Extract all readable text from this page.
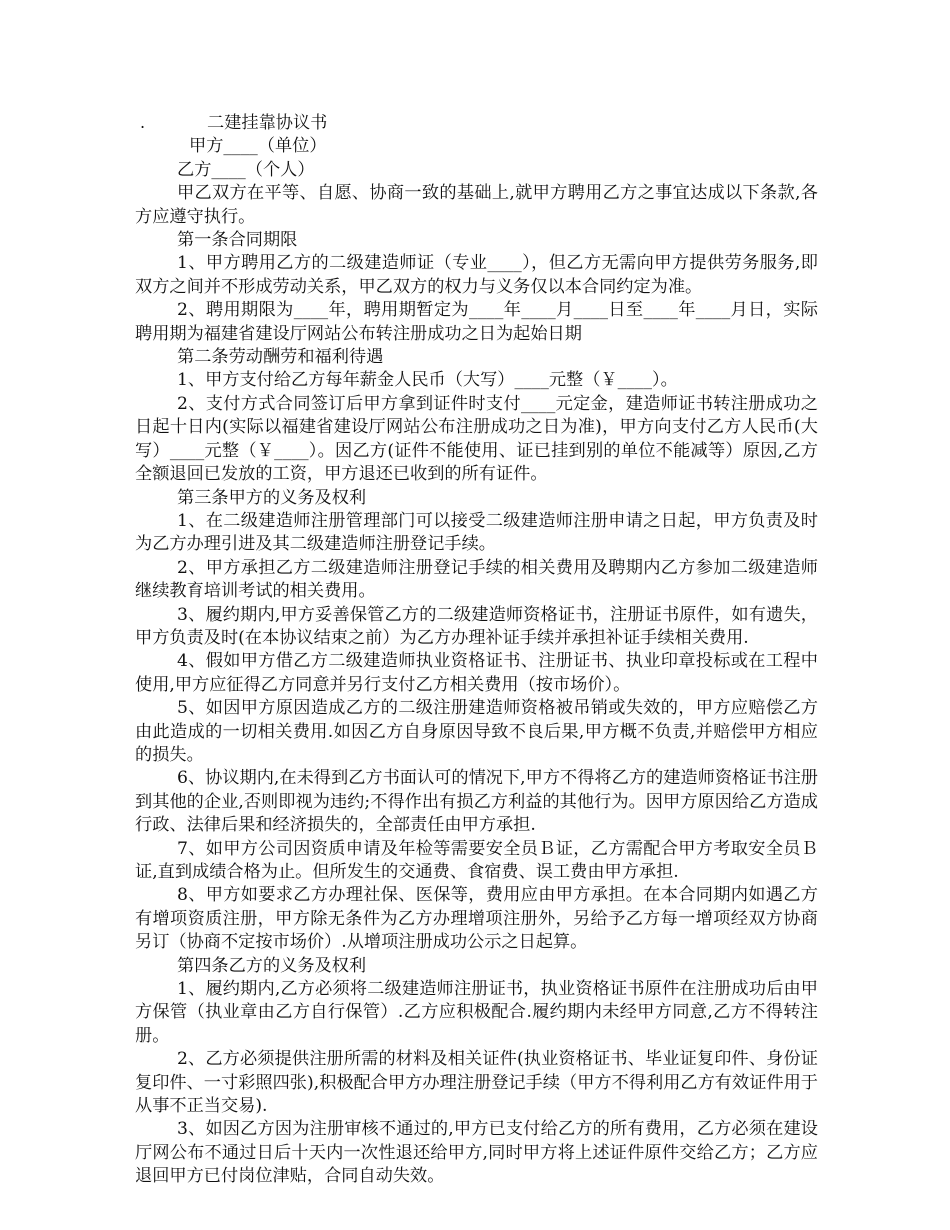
.	二建挂靠协议书

甲方____（单位）

乙方____（个人）

甲乙双方在平等、自愿、协商一致的基础上,就甲方聘用乙方之事宜达成以下条款,各方应遵守执行。

第一条合同期限

1、甲方聘用乙方的二级建造师证（专业____），但乙方无需向甲方提供劳务服务,即双方之间并不形成劳动关系，甲乙双方的权力与义务仅以本合同约定为准。

2、聘用期限为____年，聘用期暂定为____年____月____日至____年____月日，实际聘用期为福建省建设厅网站公布转注册成功之日为起始日期

第二条劳动酬劳和福利待遇

1、甲方支付给乙方每年薪金人民币（大写）____元整（￥____）。

2、支付方式合同签订后甲方拿到证件时支付____元定金，建造师证书转注册成功之日起十日内(实际以福建省建设厅网站公布注册成功之日为准)，甲方向支付乙方人民币(大写）____元整（￥____）。因乙方(证件不能使用、证已挂到别的单位不能减等）原因,乙方全额退回已发放的工资，甲方退还已收到的所有证件。

第三条甲方的义务及权利

1、在二级建造师注册管理部门可以接受二级建造师注册申请之日起，甲方负责及时为乙方办理引进及其二级建造师注册登记手续。

2、甲方承担乙方二级建造师注册登记手续的相关费用及聘期内乙方参加二级建造师继续教育培训考试的相关费用。

3、履约期内,甲方妥善保管乙方的二级建造师资格证书，注册证书原件，如有遗失，甲方负责及时(在本协议结束之前）为乙方办理补证手续并承担补证手续相关费用.

4、假如甲方借乙方二级建造师执业资格证书、注册证书、执业印章投标或在工程中使用,甲方应征得乙方同意并另行支付乙方相关费用（按市场价）。

5、如因甲方原因造成乙方的二级注册建造师资格被吊销或失效的，甲方应赔偿乙方由此造成的一切相关费用.如因乙方自身原因导致不良后果,甲方概不负责,并赔偿甲方相应的损失。

6、协议期内,在未得到乙方书面认可的情况下,甲方不得将乙方的建造师资格证书注册到其他的企业,否则即视为违约;不得作出有损乙方利益的其他行为。因甲方原因给乙方造成行政、法律后果和经济损失的，全部责任由甲方承担.

7、如甲方公司因资质申请及年检等需要安全员Ｂ证，乙方需配合甲方考取安全员Ｂ证,直到成绩合格为止。但所发生的交通费、食宿费、误工费由甲方承担.

8、甲方如要求乙方办理社保、医保等，费用应由甲方承担。在本合同期内如遇乙方有增项资质注册，甲方除无条件为乙方办理增项注册外，另给予乙方每一增项经双方协商另订（协商不定按市场价）.从增项注册成功公示之日起算。

第四条乙方的义务及权利

1、履约期内,乙方必须将二级建造师注册证书，执业资格证书原件在注册成功后由甲方保管（执业章由乙方自行保管）.乙方应积极配合.履约期内未经甲方同意,乙方不得转注册。

2、乙方必须提供注册所需的材料及相关证件(执业资格证书、毕业证复印件、身份证复印件、一寸彩照四张),积极配合甲方办理注册登记手续（甲方不得利用乙方有效证件用于从事不正当交易).

3、如因乙方因为注册审核不通过的,甲方已支付给乙方的所有费用，乙方必须在建设厅网公布不通过日后十天内一次性退还给甲方,同时甲方将上述证件原件交给乙方；乙方应退回甲方已付岗位津贴，合同自动失效。
